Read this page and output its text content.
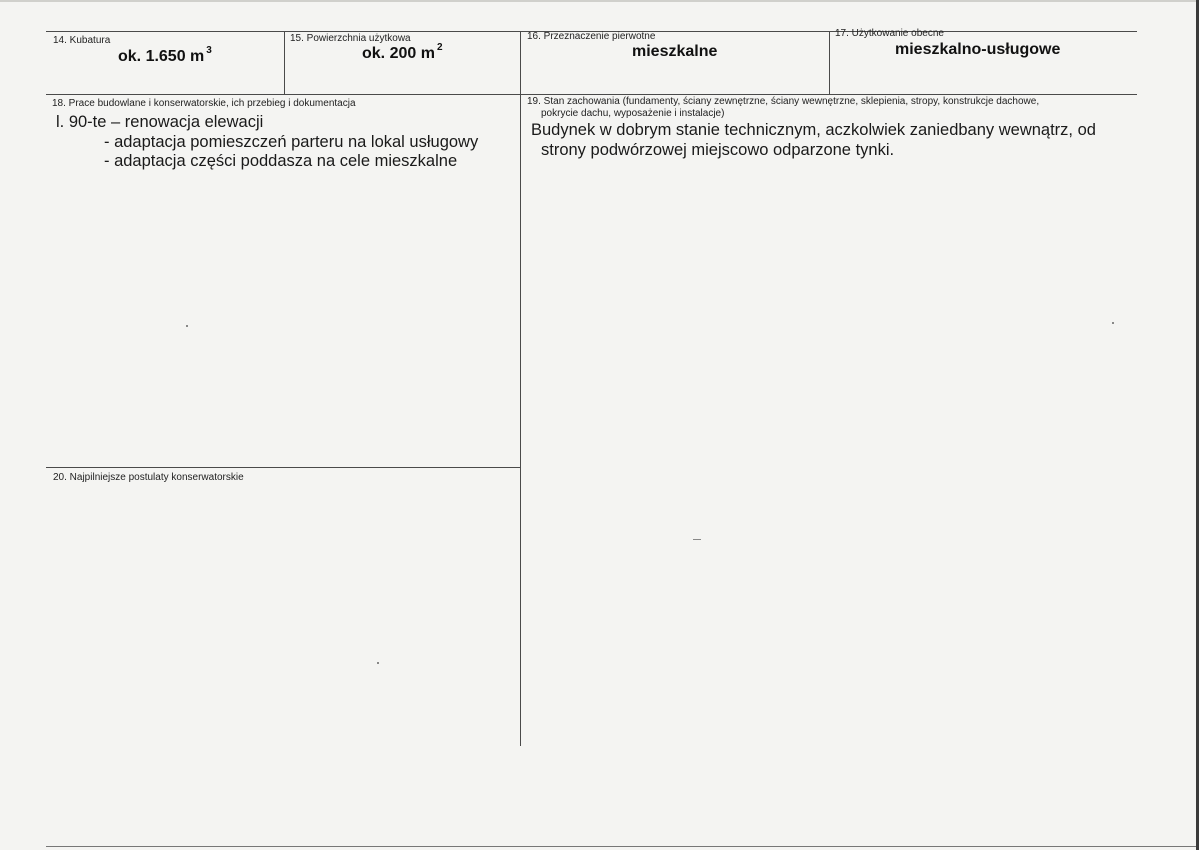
14. Kubatura
ok. 1.650 m $^3$
15. Powierzchnia użytkowa
ok. 200 m $^2$
16. Przeznaczenie pierwotne
mieszkalne
17. Użytkowanie obecne
mieszkalno-usługowe
18. Prace budowlane i konserwatorskie, ich przebieg i dokumentacja
l. 90-te – renowacja elewacji
- adaptacja pomieszczeń parteru na lokal usługowy
- adaptacja części poddasza na cele mieszkalne
19. Stan zachowania (fundamenty, ściany zewnętrzne, ściany wewnętrzne, sklepienia, stropy, konstrukcje dachowe,
pokrycie dachu, wyposażenie i instalacje)
Budynek w dobrym stanie technicznym, aczkolwiek zaniedbany wewnątrz, od
strony podwórzowej miejscowo odparzone tynki.
20. Najpilniejsze postulaty konserwatorskie
